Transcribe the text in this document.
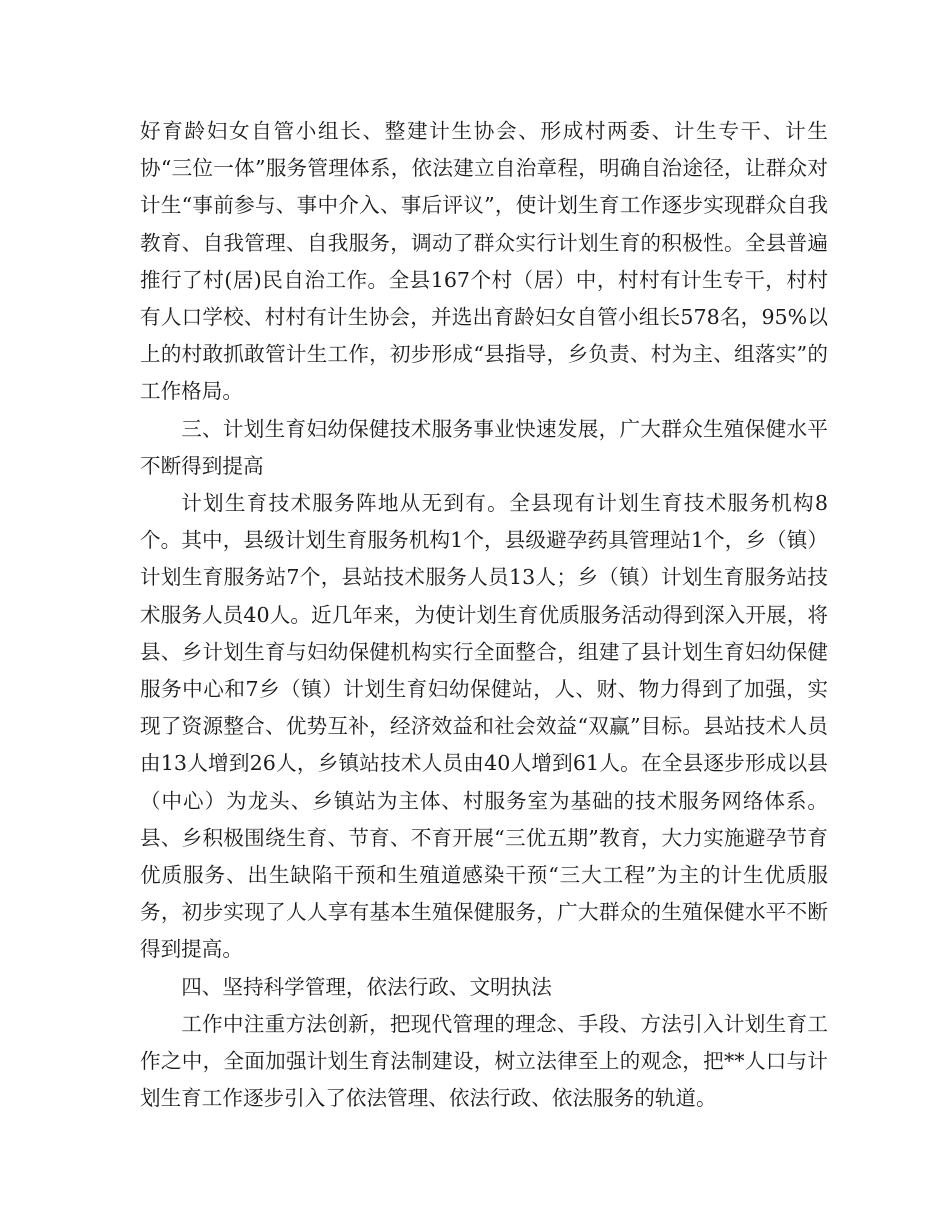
好育龄妇女自管小组长、整建计生协会、形成村两委、计生专干、计生协“三位一体”服务管理体系，依法建立自治章程，明确自治途径，让群众对计生“事前参与、事中介入、事后评议”，使计划生育工作逐步实现群众自我教育、自我管理、自我服务，调动了群众实行计划生育的积极性。全县普遍推行了村(居)民自治工作。全县167个村（居）中，村村有计生专干，村村有人口学校、村村有计生协会，并选出育龄妇女自管小组长578名，95%以上的村敢抓敢管计生工作，初步形成“县指导，乡负责、村为主、组落实”的工作格局。

三、计划生育妇幼保健技术服务事业快速发展，广大群众生殖保健水平不断得到提高

计划生育技术服务阵地从无到有。全县现有计划生育技术服务机构8个。其中，县级计划生育服务机构1个，县级避孕药具管理站1个，乡（镇）计划生育服务站7个，县站技术服务人员13人；乡（镇）计划生育服务站技术服务人员40人。近几年来，为使计划生育优质服务活动得到深入开展，将县、乡计划生育与妇幼保健机构实行全面整合，组建了县计划生育妇幼保健服务中心和7乡（镇）计划生育妇幼保健站，人、财、物力得到了加强，实现了资源整合、优势互补，经济效益和社会效益“双赢”目标。县站技术人员由13人增到26人，乡镇站技术人员由40人增到61人。在全县逐步形成以县（中心）为龙头、乡镇站为主体、村服务室为基础的技术服务网络体系。县、乡积极围绕生育、节育、不育开展“三优五期”教育，大力实施避孕节育优质服务、出生缺陷干预和生殖道感染干预“三大工程”为主的计生优质服务，初步实现了人人享有基本生殖保健服务，广大群众的生殖保健水平不断得到提高。

四、坚持科学管理，依法行政、文明执法

工作中注重方法创新，把现代管理的理念、手段、方法引入计划生育工作之中，全面加强计划生育法制建设，树立法律至上的观念，把**人口与计划生育工作逐步引入了依法管理、依法行政、依法服务的轨道。
